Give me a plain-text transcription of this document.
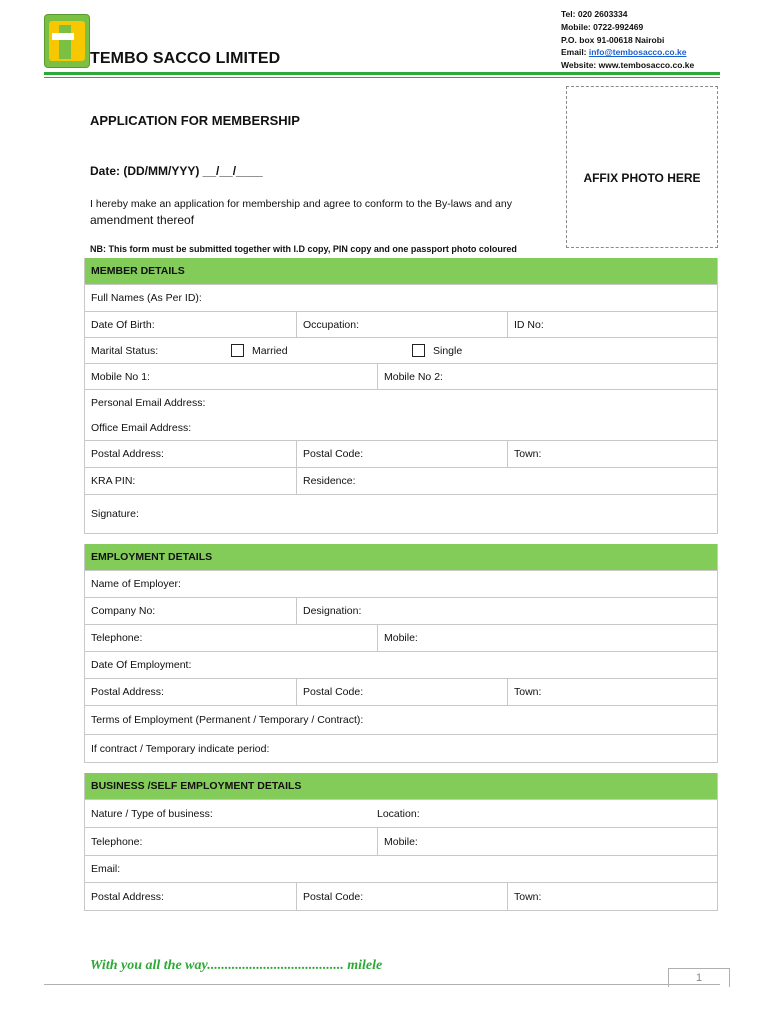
TEMBO SACCO LIMITED
Tel: 020 2603334
Mobile: 0722-992469
P.O. box 91-00618 Nairobi
Email: info@tembosacco.co.ke
Website: www.tembosacco.co.ke
AFFIX PHOTO HERE
APPLICATION FOR MEMBERSHIP
Date: (DD/MM/YYY) __/__/____
I hereby make an application for membership and agree to conform to the By-laws and any
amendment thereof
NB: This form must be submitted together with I.D copy, PIN copy and one passport photo coloured
MEMBER DETAILS
Full Names (As Per ID):
Date Of Birth:	Occupation:	ID No:
Marital Status:	Married	Single
Mobile No 1:	Mobile No 2:
Personal Email Address:
Office Email Address:
Postal Address:	Postal Code:	Town:
KRA PIN:	Residence:
Signature:
EMPLOYMENT DETAILS
Name of Employer:
Company No:	Designation:
Telephone:	Mobile:
Date Of Employment:
Postal Address:	Postal Code:	Town:
Terms of Employment (Permanent / Temporary / Contract):
If contract / Temporary indicate period:
BUSINESS /SELF EMPLOYMENT DETAILS
Nature / Type of business:	Location:
Telephone:	Mobile:
Email:
Postal Address:	Postal Code:	Town:
With you all the way....................................... milele
1
